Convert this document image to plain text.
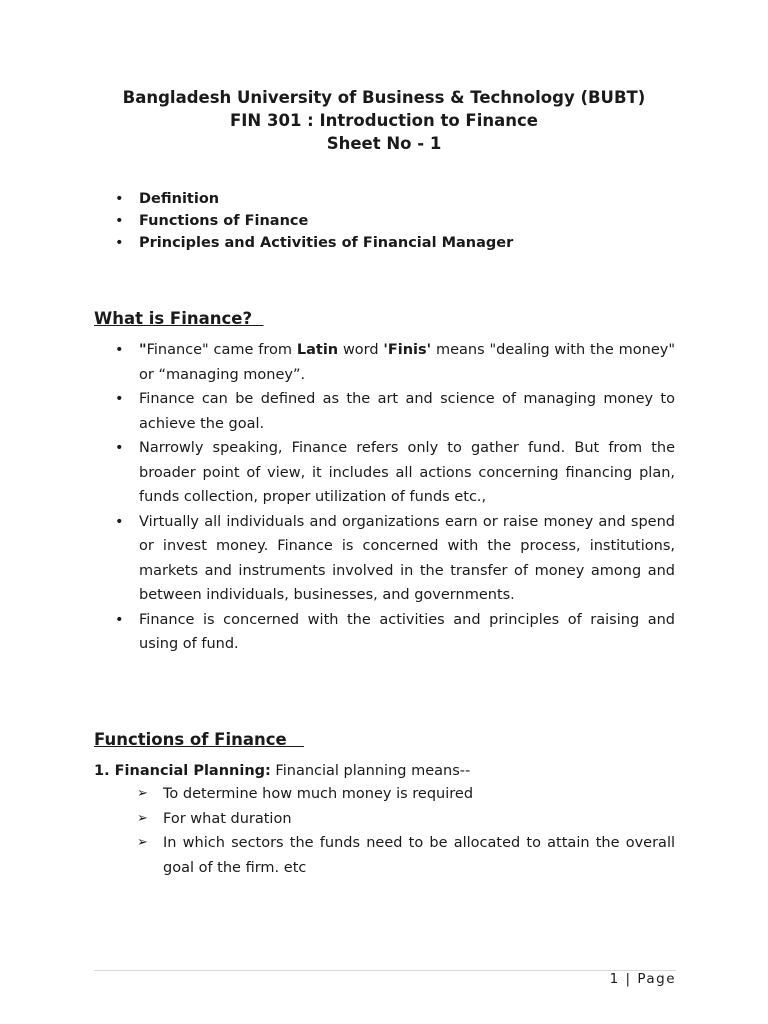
Bangladesh University of Business & Technology (BUBT)
FIN 301 : Introduction to Finance
Sheet No - 1
• Definition
• Functions of Finance
• Principles and Activities of Financial Manager
What is Finance?
• "Finance" came from Latin word 'Finis' means "dealing with the money" or “managing money”.
• Finance can be defined as the art and science of managing money to achieve the goal.
• Narrowly speaking, Finance refers only to gather fund. But from the broader point of view, it includes all actions concerning financing plan, funds collection, proper utilization of funds etc.,
• Virtually all individuals and organizations earn or raise money and spend or invest money. Finance is concerned with the process, institutions, markets and instruments involved in the transfer of money among and between individuals, businesses, and governments.
• Finance is concerned with the activities and principles of raising and using of fund.
Functions of Finance
1. Financial Planning: Financial planning means--
➢ To determine how much money is required
➢ For what duration
➢ In which sectors the funds need to be allocated to attain the overall goal of the firm. etc
1 | Page
